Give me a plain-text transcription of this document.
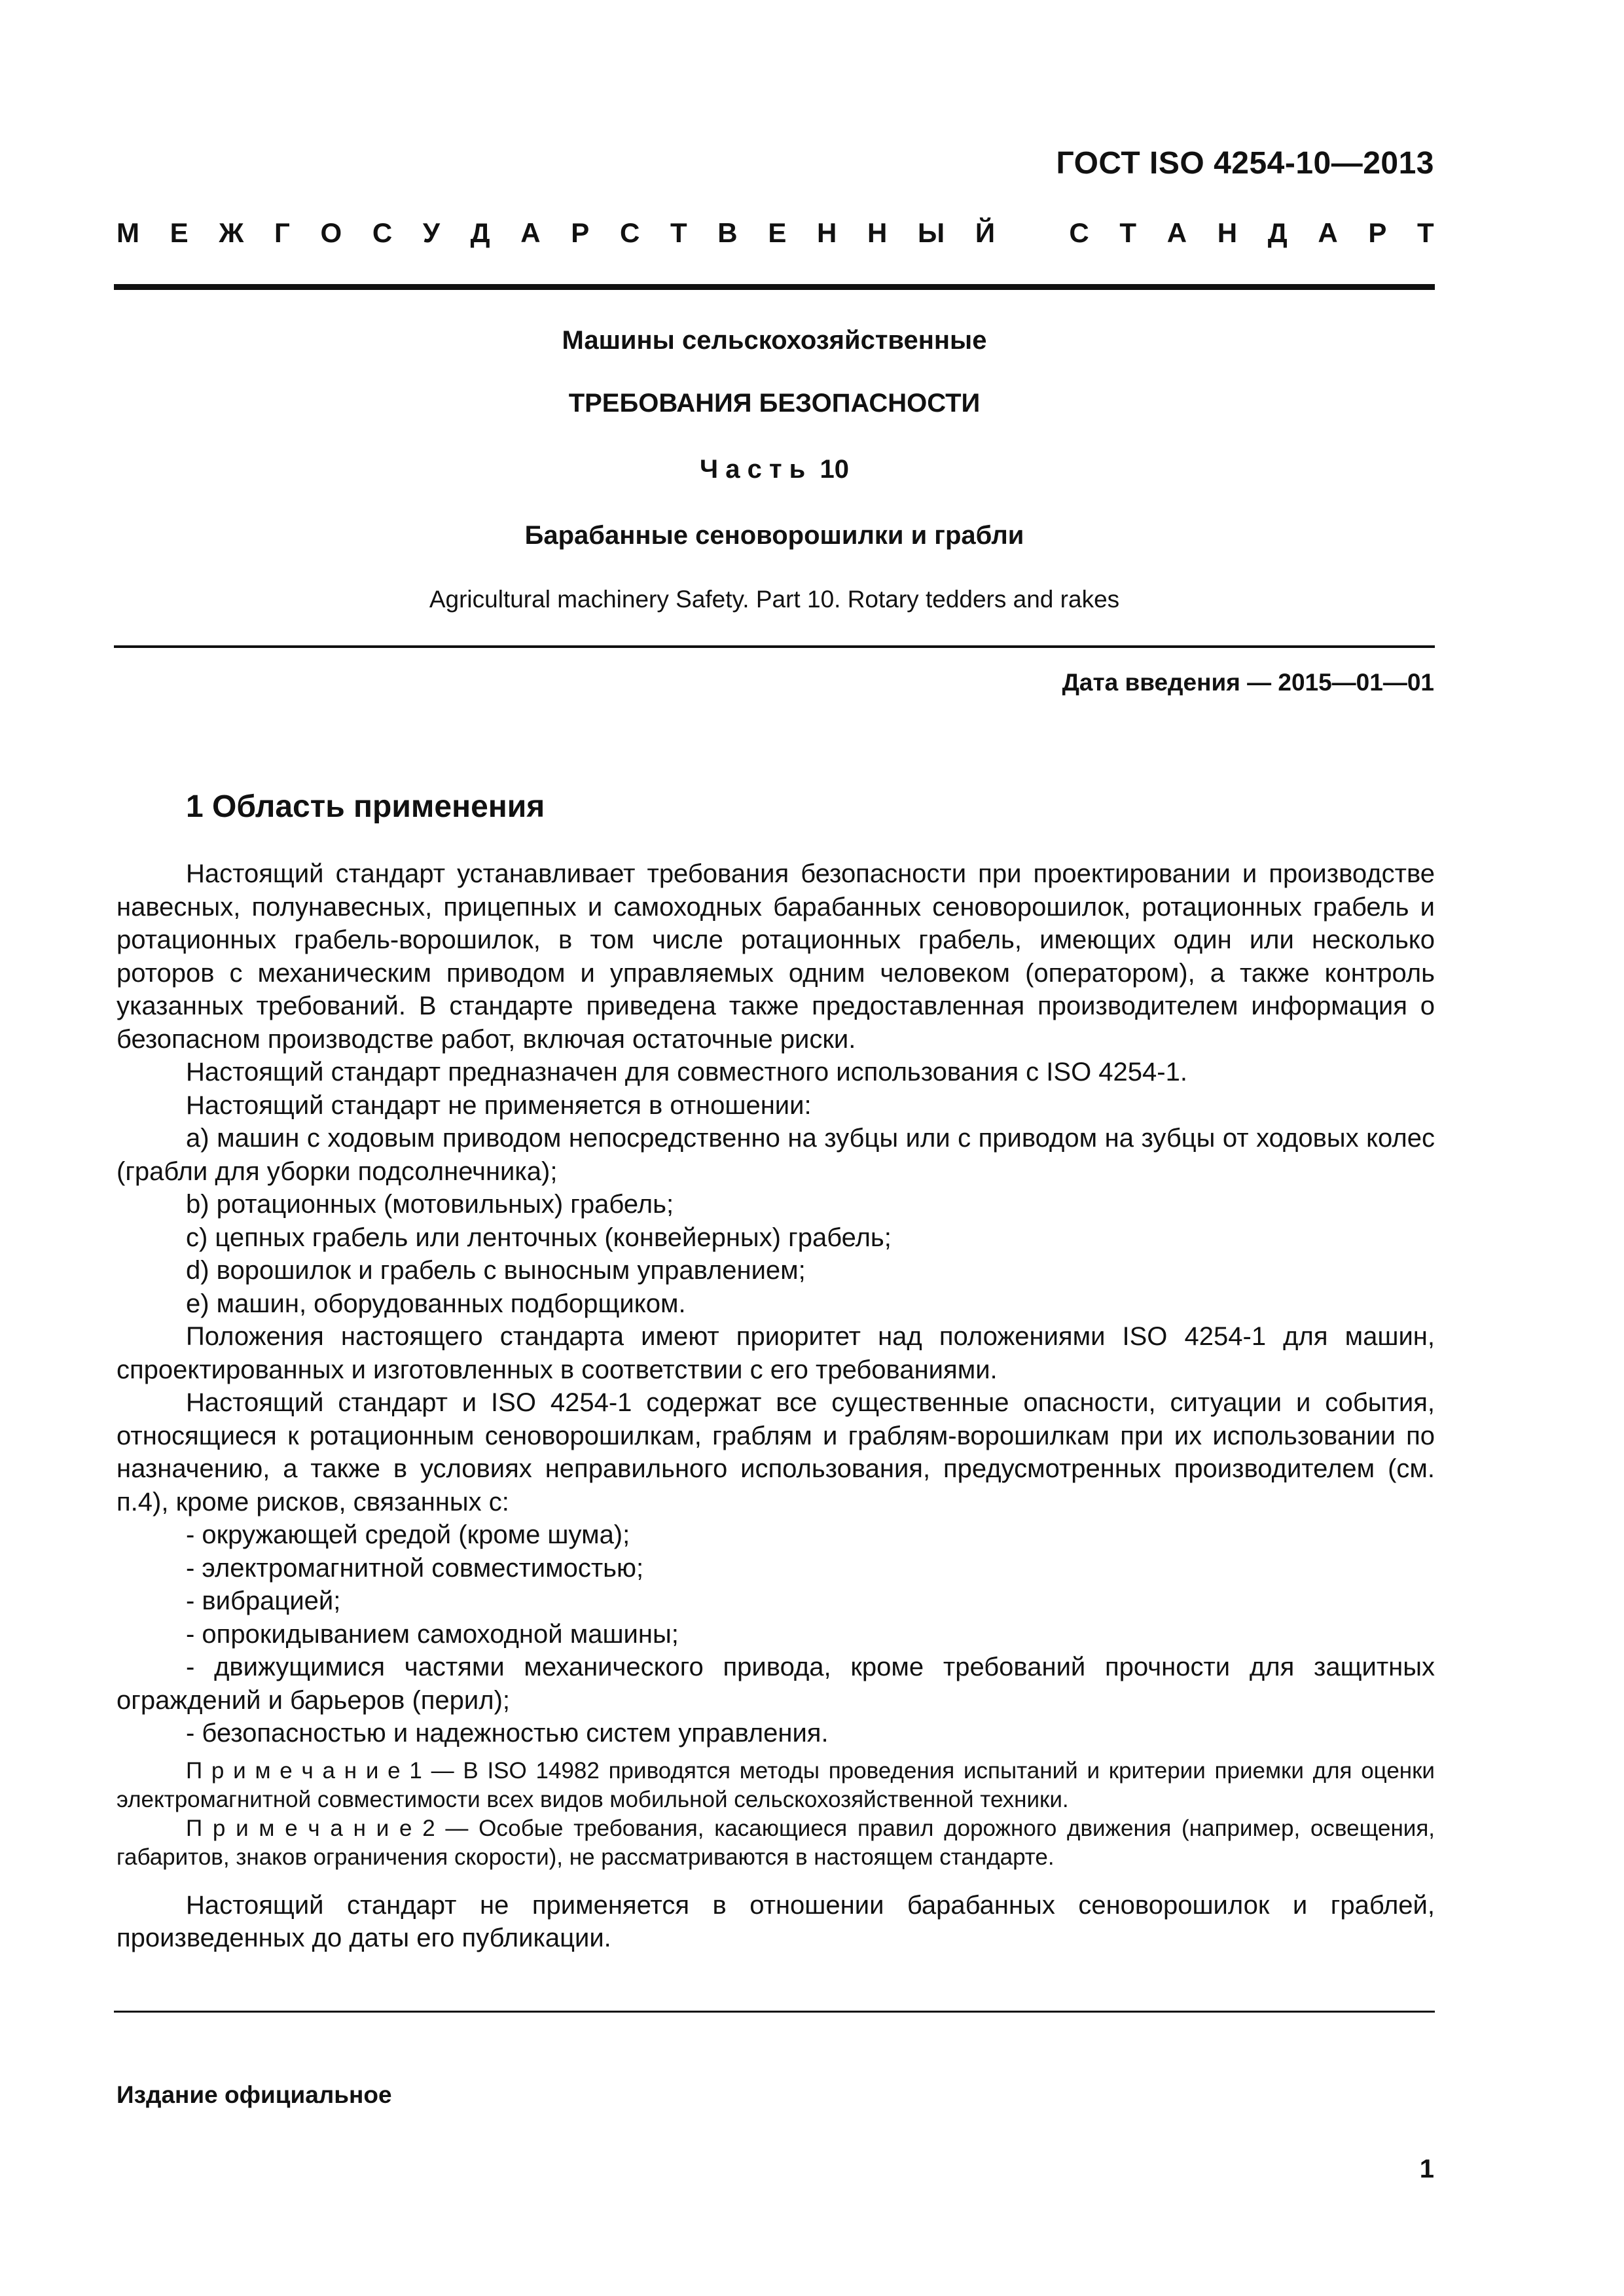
ГОСТ ISO 4254-10—2013
М Е Ж Г О С У Д А Р С Т В Е Н Н Ы Й	С Т А Н Д А Р Т
Машины сельскохозяйственные
ТРЕБОВАНИЯ БЕЗОПАСНОСТИ
Ч а с т ь  10
Барабанные сеноворошилки и грабли
Agricultural machinery Safety. Part 10. Rotary tedders and rakes
Дата введения — 2015—01—01
1 Область применения

Настоящий стандарт устанавливает требования безопасности при проектировании и производстве навесных, полунавесных, прицепных и самоходных барабанных сеноворошилок, ротационных грабель и ротационных грабель-ворошилок, в том числе ротационных грабель, имеющих один или несколько роторов с механическим приводом и управляемых одним человеком (оператором), а также контроль указанных требований. В стандарте приведена также предоставленная производителем информация о безопасном производстве работ, включая остаточные риски.

Настоящий стандарт предназначен для совместного использования с ISO 4254-1.

Настоящий стандарт не применяется в отношении:

а) машин с ходовым приводом непосредственно на зубцы или с приводом на зубцы от ходовых колес (грабли для уборки подсолнечника);

b) ротационных (мотовильных) грабель;

c) цепных грабель или ленточных (конвейерных) грабель;

d) ворошилок и грабель с выносным управлением;

е) машин, оборудованных подборщиком.

Положения настоящего стандарта имеют приоритет над положениями ISO 4254-1 для машин, спроектированных и изготовленных в соответствии с его требованиями.

Настоящий стандарт и ISO 4254-1 содержат все существенные опасности, ситуации и события, относящиеся к ротационным сеноворошилкам, граблям и граблям-ворошилкам при их использовании по назначению, а также в условиях неправильного использования, предусмотренных производителем (см. п.4), кроме рисков, связанных с:

- окружающей средой (кроме шума);

- электромагнитной совместимостью;

- вибрацией;

- опрокидыванием самоходной машины;

- движущимися частями механического привода, кроме требований прочности для защитных ограждений и барьеров (перил);

- безопасностью и надежностью систем управления.

П р и м е ч а н и е 1 — В ISO 14982 приводятся методы проведения испытаний и критерии приемки для оценки электромагнитной совместимости всех видов мобильной сельскохозяйственной техники.

П р и м е ч а н и е 2 — Особые требования, касающиеся правил дорожного движения (например, освещения, габаритов, знаков ограничения скорости), не рассматриваются в настоящем стандарте.

Настоящий стандарт не применяется в отношении барабанных сеноворошилок и граблей, произведенных до даты его публикации.

Издание официальное
1
